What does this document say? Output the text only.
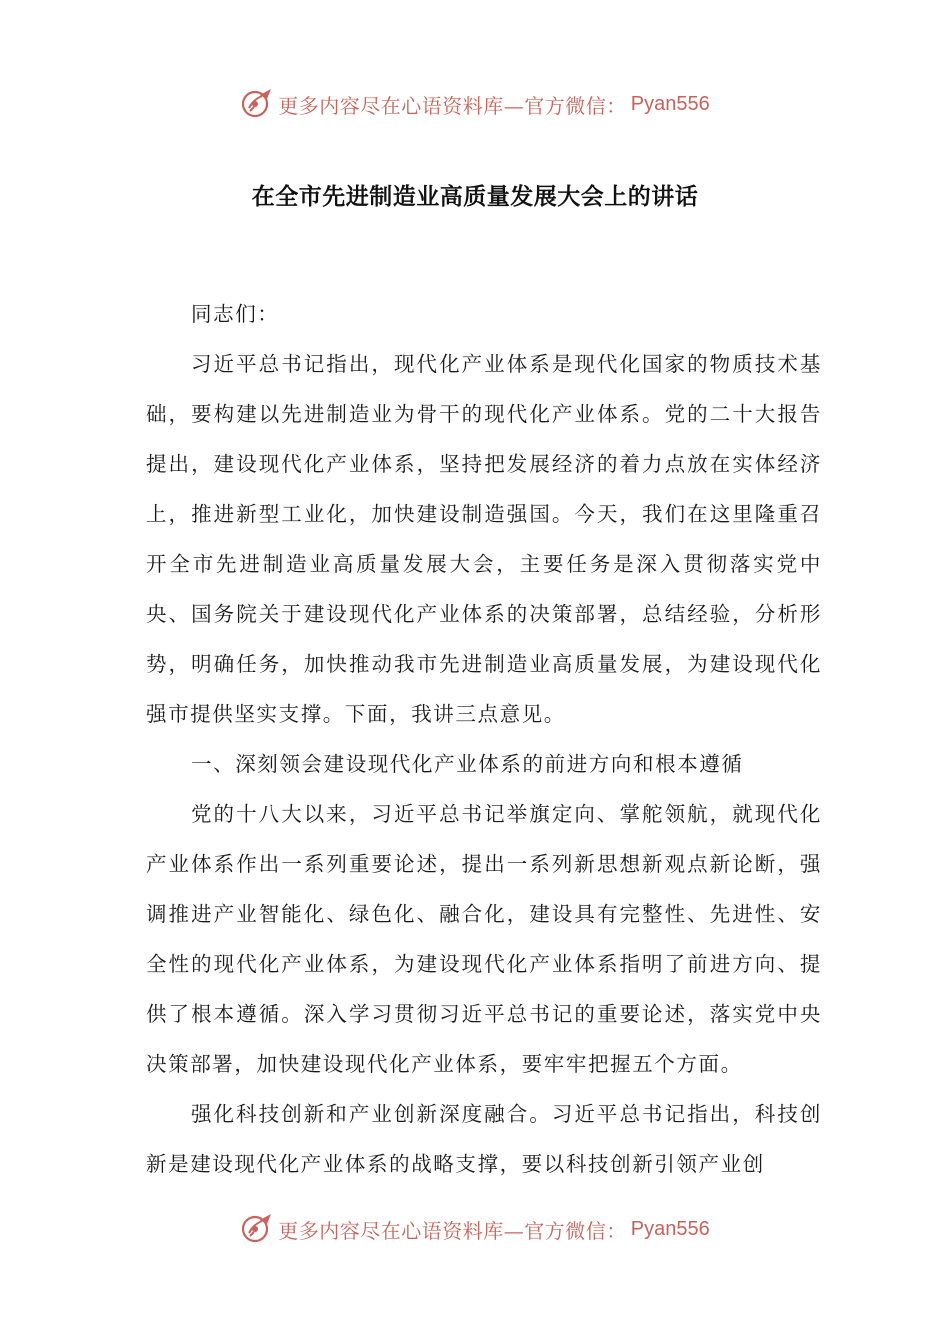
更多内容尽在心语资料库—官方微信： Pyan556
在全市先进制造业高质量发展大会上的讲话

同志们：

习近平总书记指出，现代化产业体系是现代化国家的物质技术基础，要构建以先进制造业为骨干的现代化产业体系。党的二十大报告提出，建设现代化产业体系，坚持把发展经济的着力点放在实体经济上，推进新型工业化，加快建设制造强国。今天，我们在这里隆重召开全市先进制造业高质量发展大会，主要任务是深入贯彻落实党中央、国务院关于建设现代化产业体系的决策部署，总结经验，分析形势，明确任务，加快推动我市先进制造业高质量发展，为建设现代化强市提供坚实支撑。下面，我讲三点意见。

一、深刻领会建设现代化产业体系的前进方向和根本遵循

党的十八大以来，习近平总书记举旗定向、掌舵领航，就现代化产业体系作出一系列重要论述，提出一系列新思想新观点新论断，强调推进产业智能化、绿色化、融合化，建设具有完整性、先进性、安全性的现代化产业体系，为建设现代化产业体系指明了前进方向、提供了根本遵循。深入学习贯彻习近平总书记的重要论述，落实党中央决策部署，加快建设现代化产业体系，要牢牢把握五个方面。

强化科技创新和产业创新深度融合。习近平总书记指出，科技创新是建设现代化产业体系的战略支撑，要以科技创新引领产业创

更多内容尽在心语资料库—官方微信： Pyan556
